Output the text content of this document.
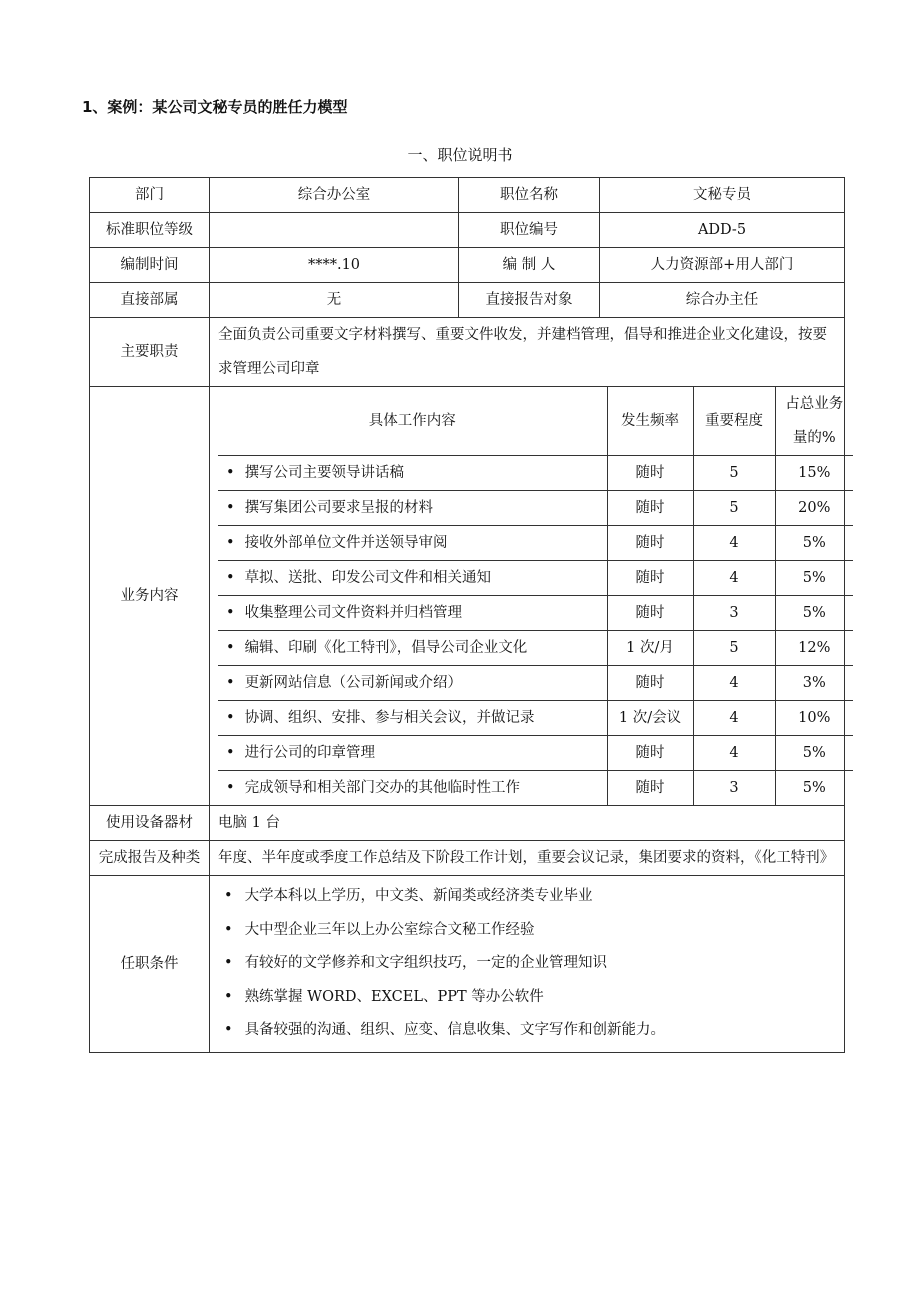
1、案例：某公司文秘专员的胜任力模型
一、职位说明书
部门	综合办公室	职位名称	文秘专员
标准职位等级		职位编号	ADD-5
编制时间	****.10	编 制 人	人力资源部+用人部门
直接部属	无	直接报告对象	综合办主任
主要职责	全面负责公司重要文字材料撰写、重要文件收发，并建档管理，倡导和推进企业文化建设，按要求管理公司印章
业务内容	
具体工作内容	发生频率	重要程度	占总业务量的%
• 撰写公司主要领导讲话稿	随时	5	15%
• 撰写集团公司要求呈报的材料	随时	5	20%
• 接收外部单位文件并送领导审阅	随时	4	5%
• 草拟、送批、印发公司文件和相关通知	随时	4	5%
• 收集整理公司文件资料并归档管理	随时	3	5%
• 编辑、印刷《化工特刊》，倡导公司企业文化	1 次/月	5	12%
• 更新网站信息（公司新闻或介绍）	随时	4	3%
• 协调、组织、安排、参与相关会议，并做记录	1 次/会议	4	10%
• 进行公司的印章管理	随时	4	5%
• 完成领导和相关部门交办的其他临时性工作	随时	3	5%

使用设备器材	电脑 1 台
完成报告及种类	年度、半年度或季度工作总结及下阶段工作计划，重要会议记录，集团要求的资料，《化工特刊》
任职条件	
• 大学本科以上学历，中文类、新闻类或经济类专业毕业
• 大中型企业三年以上办公室综合文秘工作经验
• 有较好的文学修养和文字组织技巧，一定的企业管理知识
• 熟练掌握 WORD、EXCEL、PPT 等办公软件
• 具备较强的沟通、组织、应变、信息收集、文字写作和创新能力。
